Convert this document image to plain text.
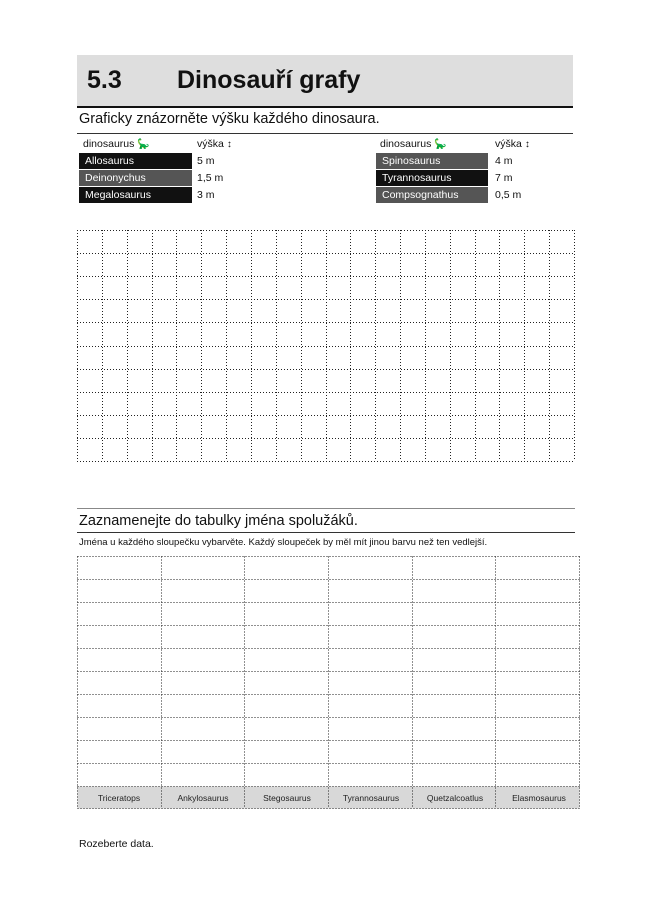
5.3 Dinosauří grafy
Graficky znázorněte výšku každého dinosaura.
dinosaurus 🦕	výška ↕
Allosaurus	5 m
Deinonychus	1,5 m
Megalosaurus	3 m
dinosaurus 🦕	výška ↕
Spinosaurus	4 m
Tyrannosaurus	7 m
Compsognathus	0,5 m
Zaznamenejte do tabulky jména spolužáků.
Jména u každého sloupečku vybarvěte. Každý sloupeček by měl mít jinou barvu než ten vedlejší.
Triceratops	Ankylosaurus	Stegosaurus	Tyrannosaurus	Quetzalcoatlus	Elasmosaurus
Rozeberte data.
